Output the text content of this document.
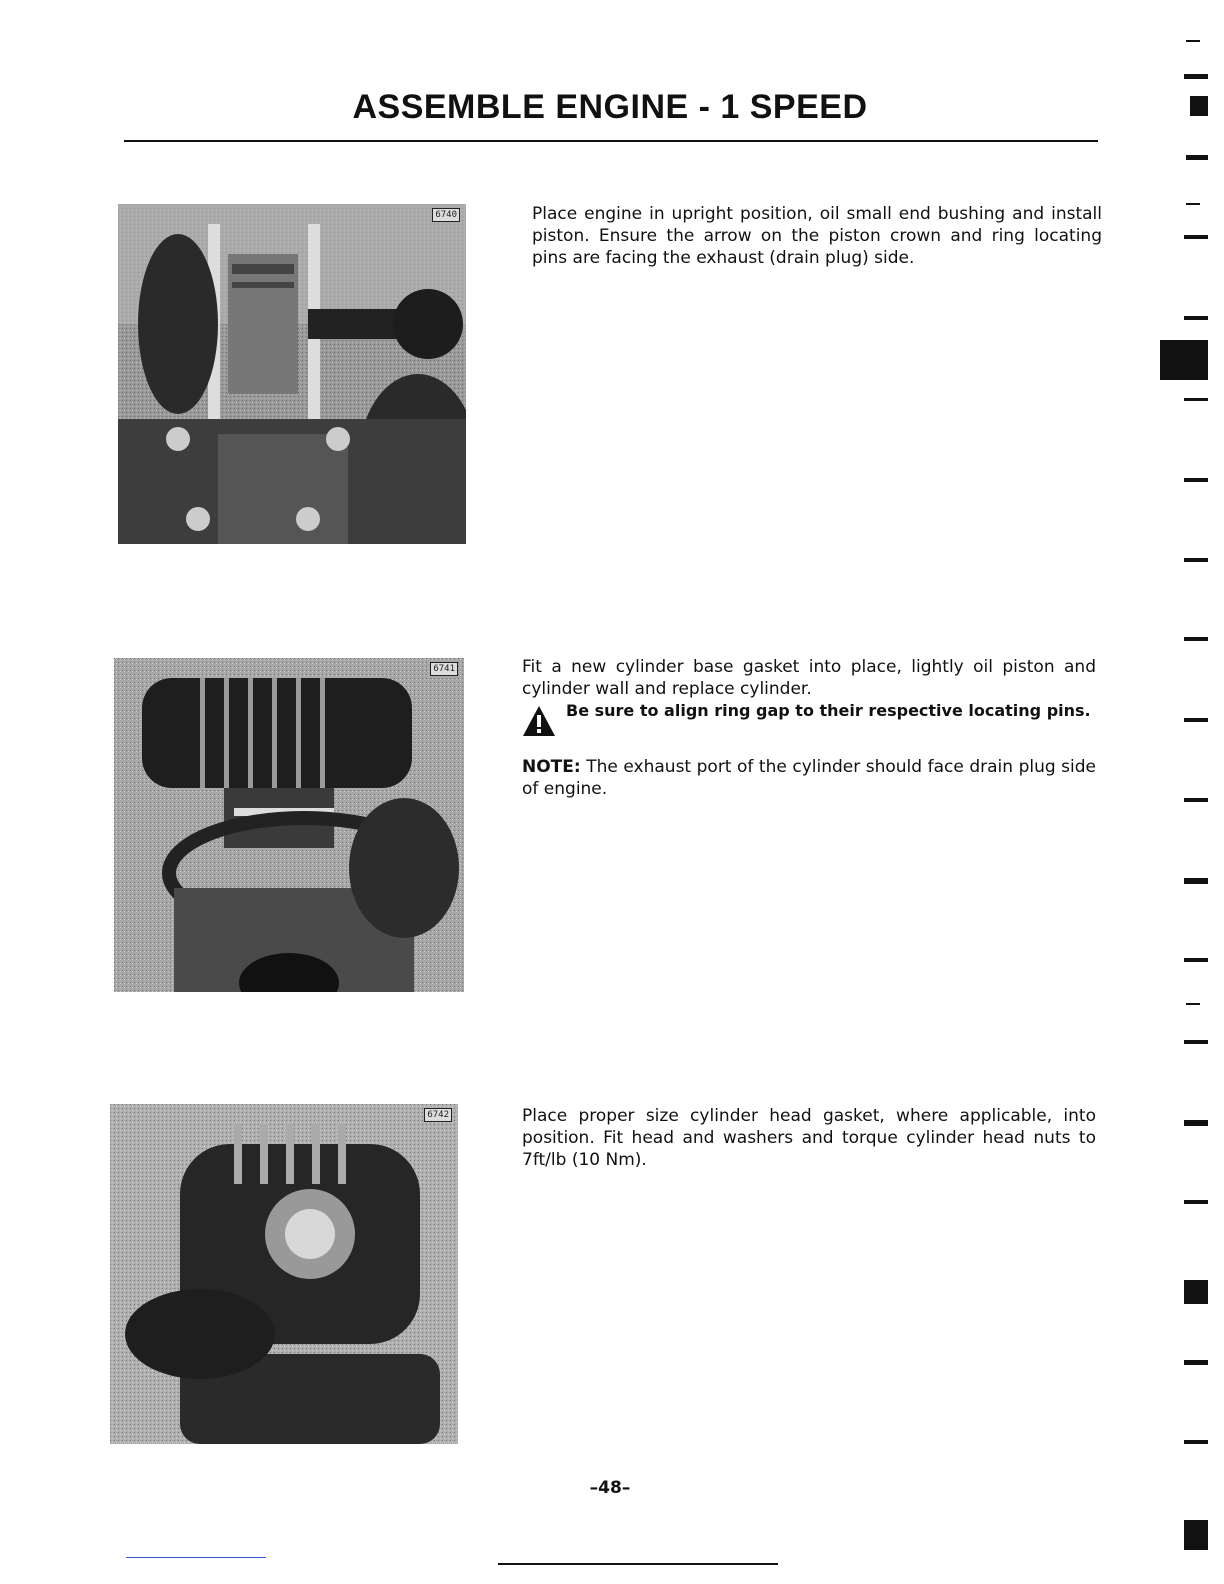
ASSEMBLE ENGINE - 1 SPEED
6740	Place engine in upright position, oil small end bushing and install piston. Ensure the arrow on the piston crown and ring locating pins are facing the exhaust (drain plug) side.
6741	Fit a new cylinder base gasket into place, lightly oil piston and cylinder wall and replace cylinder.
Be sure to align ring gap to their respective locating pins.
NOTE: The exhaust port of the cylinder should face drain plug side of engine.
6742	Place proper size cylinder head gasket, where applicable, into position. Fit head and washers and torque cylinder head nuts to 7ft/lb (10 Nm).
–48–
